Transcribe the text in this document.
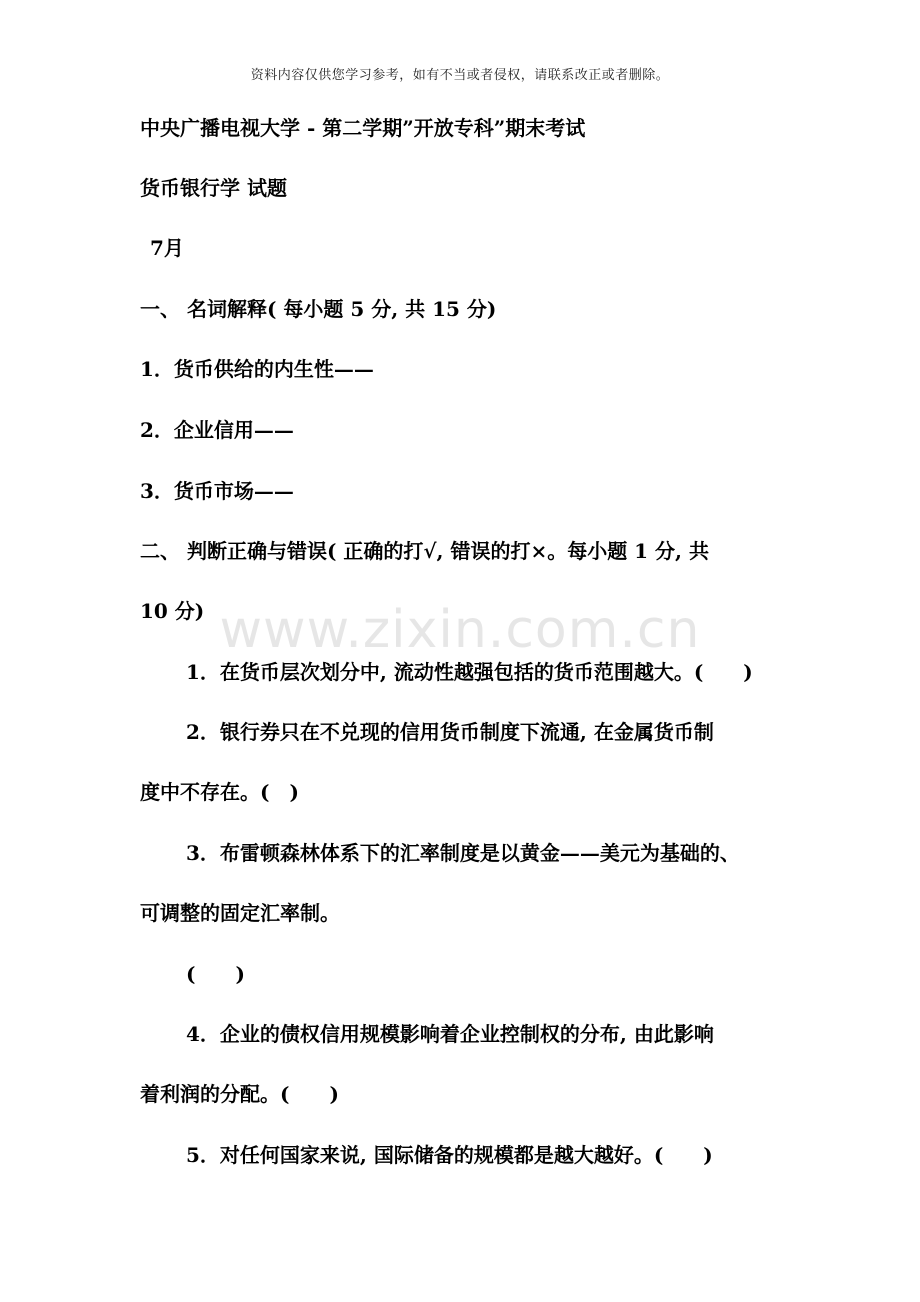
资料内容仅供您学习参考，如有不当或者侵权，请联系改正或者删除。
www.zixin.com.cn
中央广播电视大学 - 第二学期”开放专科”期末考试
货币银行学 试题
7月
一、 名词解释( 每小题 5 分, 共 15 分)
1．货币供给的内生性——
2．企业信用——
3．货币市场——
二、 判断正确与错误( 正确的打√, 错误的打×。每小题 1 分, 共
10 分)
1．在货币层次划分中, 流动性越强包括的货币范围越大。(　　)
2．银行券只在不兑现的信用货币制度下流通, 在金属货币制
度中不存在。(　)
3．布雷顿森林体系下的汇率制度是以黄金——美元为基础的、
可调整的固定汇率制。
(　　)
4．企业的债权信用规模影响着企业控制权的分布, 由此影响
着利润的分配。(　　)
5．对任何国家来说, 国际储备的规模都是越大越好。(　　)
